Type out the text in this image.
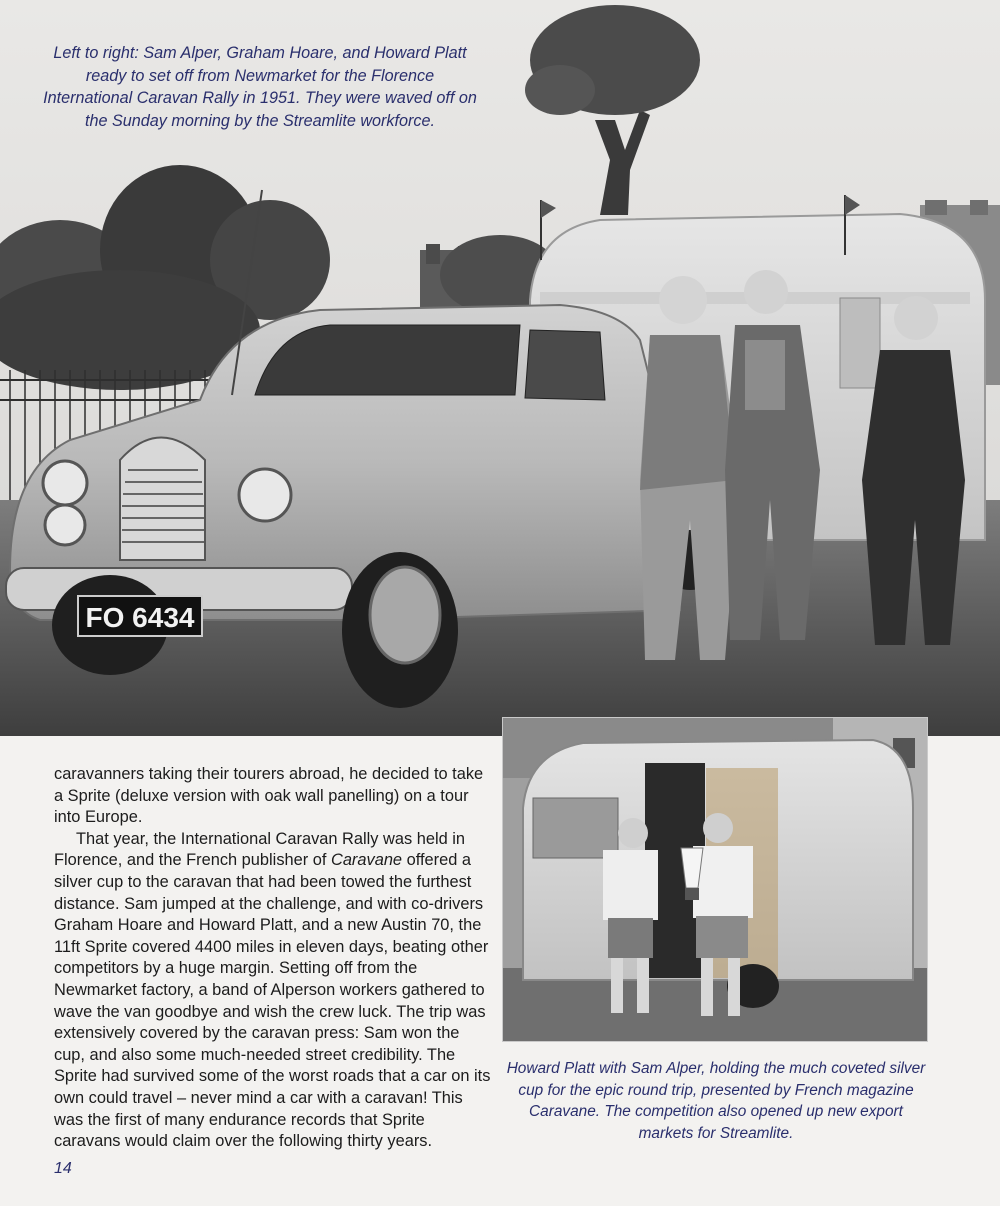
FO 6434
Left to right: Sam Alper, Graham Hoare, and Howard Platt ready to set off from Newmarket for the Florence International Caravan Rally in 1951. They were waved off on the Sunday morning by the Streamlite workforce.

caravanners taking their tourers abroad, he decided to take a Sprite (deluxe version with oak wall panelling) on a tour into Europe.

That year, the International Caravan Rally was held in Florence, and the French publisher of Caravane offered a silver cup to the caravan that had been towed the furthest distance. Sam jumped at the challenge, and with co-drivers Graham Hoare and Howard Platt, and a new Austin 70, the 11ft Sprite covered 4400 miles in eleven days, beating other competitors by a huge margin. Setting off from the Newmarket factory, a band of Alperson workers gathered to wave the van goodbye and wish the crew luck. The trip was extensively covered by the caravan press: Sam won the cup, and also some much-needed street credibility. The Sprite had survived some of the worst roads that a car on its own could travel – never mind a car with a caravan! This was the first of many endurance records that Sprite caravans would claim over the following thirty years.

Howard Platt with Sam Alper, holding the much coveted silver cup for the epic round trip, presented by French magazine Caravane. The competition also opened up new export markets for Streamlite.
14
